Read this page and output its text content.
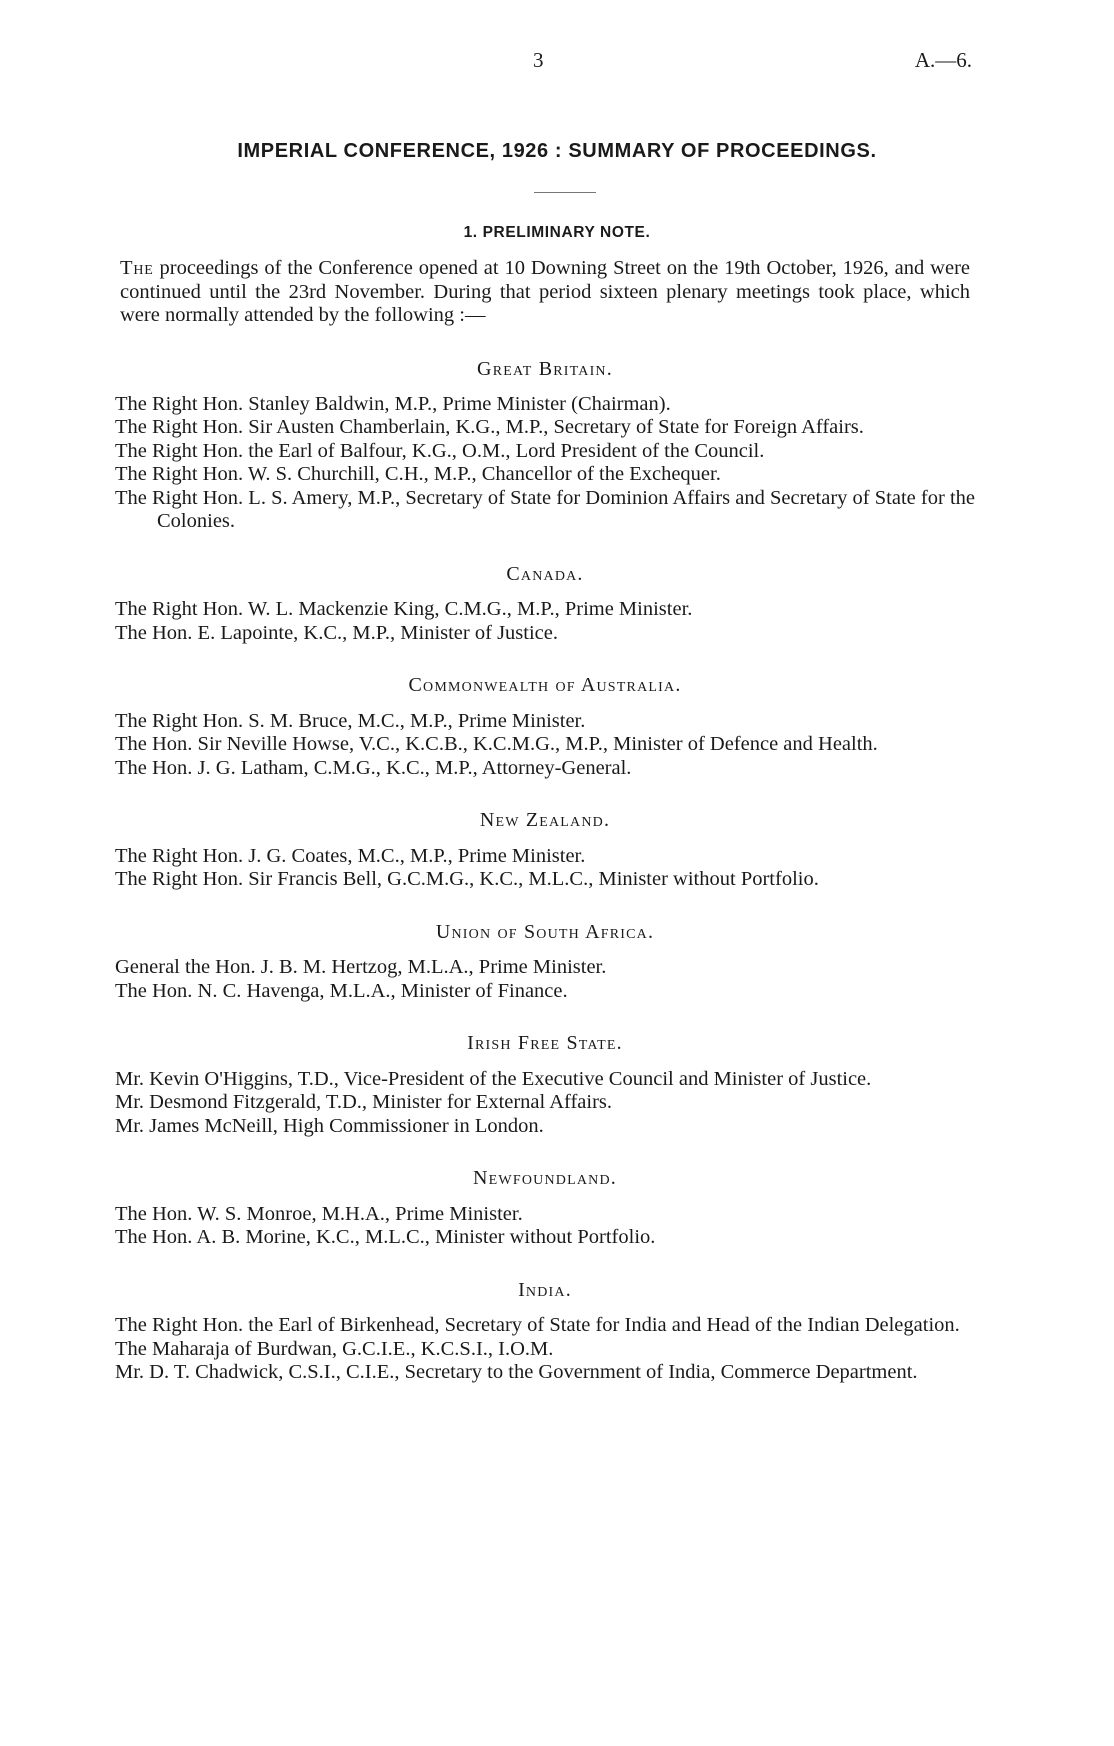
3	A.—6.
IMPERIAL CONFERENCE, 1926 : SUMMARY OF PROCEEDINGS.
1. PRELIMINARY NOTE.
The proceedings of the Conference opened at 10 Downing Street on the 19th October, 1926, and were continued until the 23rd November. During that period sixteen plenary meetings took place, which were normally attended by the following :—
Great Britain.
The Right Hon. Stanley Baldwin, M.P., Prime Minister (Chairman).
The Right Hon. Sir Austen Chamberlain, K.G., M.P., Secretary of State for Foreign Affairs.
The Right Hon. the Earl of Balfour, K.G., O.M., Lord President of the Council.
The Right Hon. W. S. Churchill, C.H., M.P., Chancellor of the Exchequer.
The Right Hon. L. S. Amery, M.P., Secretary of State for Dominion Affairs and Secretary of State for the Colonies.
Canada.
The Right Hon. W. L. Mackenzie King, C.M.G., M.P., Prime Minister.
The Hon. E. Lapointe, K.C., M.P., Minister of Justice.
Commonwealth of Australia.
The Right Hon. S. M. Bruce, M.C., M.P., Prime Minister.
The Hon. Sir Neville Howse, V.C., K.C.B., K.C.M.G., M.P., Minister of Defence and Health.
The Hon. J. G. Latham, C.M.G., K.C., M.P., Attorney-General.
New Zealand.
The Right Hon. J. G. Coates, M.C., M.P., Prime Minister.
The Right Hon. Sir Francis Bell, G.C.M.G., K.C., M.L.C., Minister without Portfolio.
Union of South Africa.
General the Hon. J. B. M. Hertzog, M.L.A., Prime Minister.
The Hon. N. C. Havenga, M.L.A., Minister of Finance.
Irish Free State.
Mr. Kevin O'Higgins, T.D., Vice-President of the Executive Council and Minister of Justice.
Mr. Desmond Fitzgerald, T.D., Minister for External Affairs.
Mr. James McNeill, High Commissioner in London.
Newfoundland.
The Hon. W. S. Monroe, M.H.A., Prime Minister.
The Hon. A. B. Morine, K.C., M.L.C., Minister without Portfolio.
India.
The Right Hon. the Earl of Birkenhead, Secretary of State for India and Head of the Indian Delegation.
The Maharaja of Burdwan, G.C.I.E., K.C.S.I., I.O.M.
Mr. D. T. Chadwick, C.S.I., C.I.E., Secretary to the Government of India, Commerce Department.
